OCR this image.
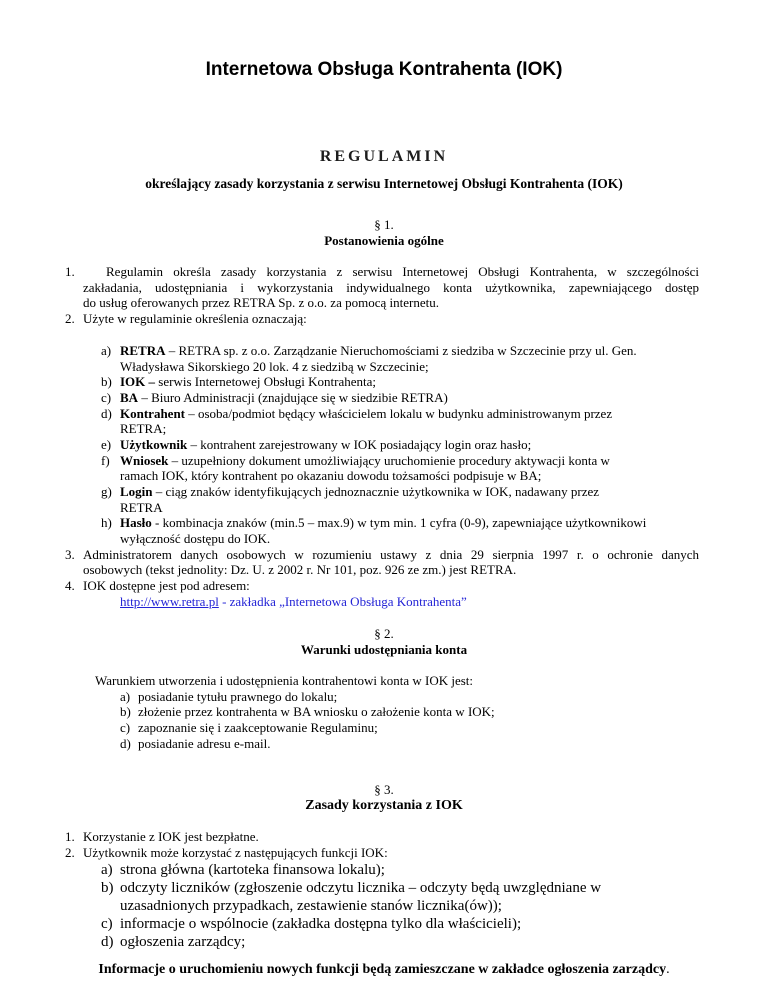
Internetowa Obsługa Kontrahenta (IOK)
REGULAMIN
określający zasady korzystania z serwisu Internetowej Obsługi Kontrahenta (IOK)
§ 1.
Postanowienia ogólne
1. Regulamin określa zasady korzystania z serwisu Internetowej Obsługi Kontrahenta, w szczególności
zakładania, udostępniania i wykorzystania indywidualnego konta użytkownika, zapewniającego dostęp
do usług oferowanych przez RETRA Sp. z o.o. za pomocą internetu.
2. Użyte w regulaminie określenia oznaczają:
a) RETRA – RETRA sp. z o.o. Zarządzanie Nieruchomościami z siedziba w Szczecinie przy ul. Gen.
Władysława Sikorskiego 20 lok. 4 z siedzibą w Szczecinie;
b) IOK – serwis Internetowej Obsługi Kontrahenta;
c) BA – Biuro Administracji (znajdujące się w siedzibie RETRA)
d) Kontrahent – osoba/podmiot będący właścicielem lokalu w budynku administrowanym przez
RETRA;
e) Użytkownik – kontrahent zarejestrowany w IOK posiadający login oraz hasło;
f) Wniosek – uzupełniony dokument umożliwiający uruchomienie procedury aktywacji konta w
ramach IOK, który kontrahent po okazaniu dowodu tożsamości podpisuje w BA;
g) Login – ciąg znaków identyfikujących jednoznacznie użytkownika w IOK, nadawany przez
RETRA
h) Hasło - kombinacja znaków (min.5 – max.9) w tym min. 1 cyfra (0-9), zapewniające użytkownikowi
wyłączność dostępu do IOK.
3. Administratorem danych osobowych w rozumieniu ustawy z dnia 29 sierpnia 1997 r. o ochronie danych
osobowych (tekst jednolity: Dz. U. z 2002 r. Nr 101, poz. 926 ze zm.) jest RETRA.
4. IOK dostępne jest pod adresem:
http://www.retra.pl - zakładka „Internetowa Obsługa Kontrahenta”
§ 2.
Warunki udostępniania konta
Warunkiem utworzenia i udostępnienia kontrahentowi konta w IOK jest:
a) posiadanie tytułu prawnego do lokalu;
b) złożenie przez kontrahenta w BA wniosku o założenie konta w IOK;
c) zapoznanie się i zaakceptowanie Regulaminu;
d) posiadanie adresu e-mail.
§ 3.
Zasady korzystania z IOK
1. Korzystanie z IOK jest bezpłatne.
2. Użytkownik może korzystać z następujących funkcji IOK:
a) strona główna (kartoteka finansowa lokalu);
b) odczyty liczników (zgłoszenie odczytu licznika – odczyty będą uwzględniane w
uzasadnionych przypadkach, zestawienie stanów licznika(ów));
c) informacje o wspólnocie (zakładka dostępna tylko dla właścicieli);
d) ogłoszenia zarządcy;
Informacje o uruchomieniu nowych funkcji będą zamieszczane w zakładce ogłoszenia zarządcy.
